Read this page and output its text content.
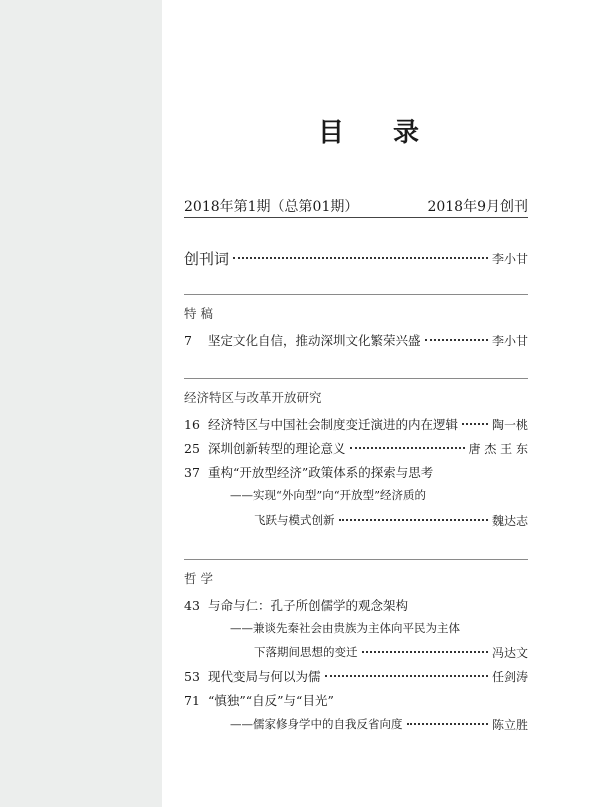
目 录
2018年第1期（总第01期）	2018年9月创刊
创刊词	李小甘
特 稿
7	坚定文化自信，推动深圳文化繁荣兴盛	李小甘
经济特区与改革开放研究
16 经济特区与中国社会制度变迁演进的内在逻辑	陶一桃
25 深圳创新转型的理论意义	唐 杰 王 东
37 重构“开放型经济”政策体系的探索与思考
——实现“外向型”向“开放型”经济质的
飞跃与模式创新	魏达志
哲 学
43 与命与仁：孔子所创儒学的观念架构
——兼谈先秦社会由贵族为主体向平民为主体
下落期间思想的变迁	冯达文
53 现代变局与何以为儒	任剑涛
71 “慎独”“自反”与“目光”
——儒家修身学中的自我反省向度	陈立胜
